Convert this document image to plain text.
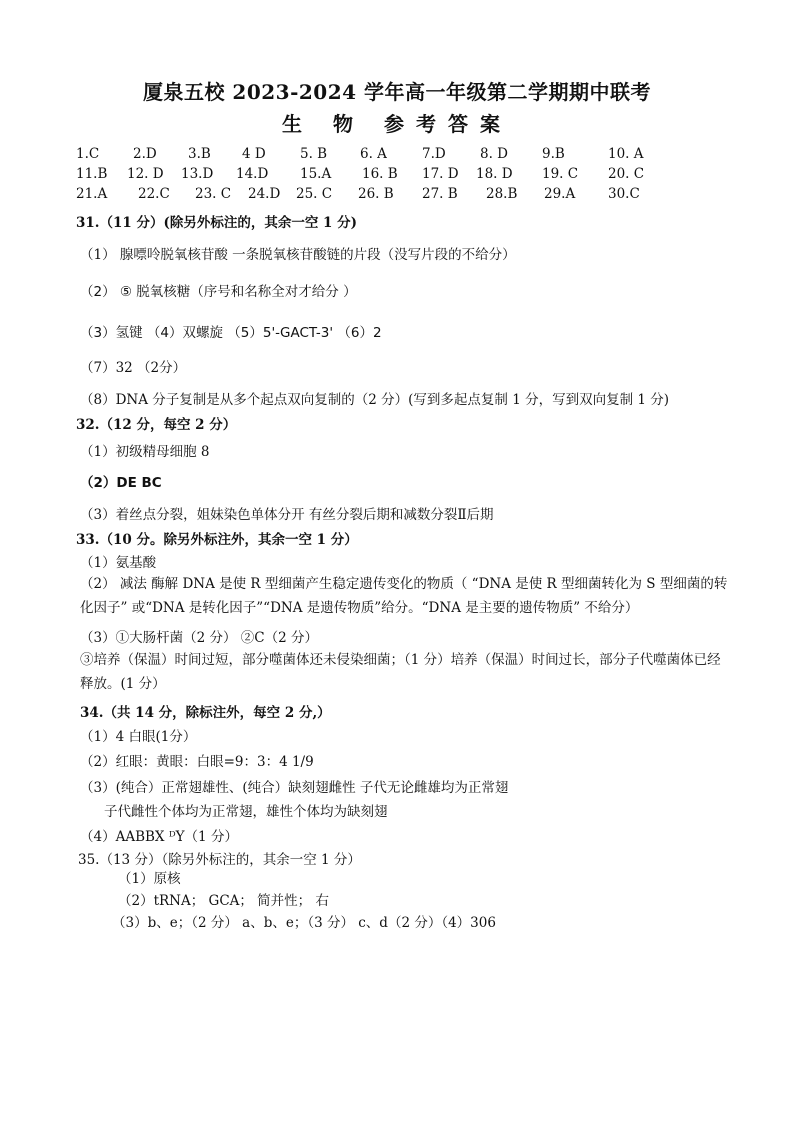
厦泉五校 2023-2024 学年高一年级第二学期期中联考
生 物 参考答案
1.C	2.D 3.B 4 D	5. B 6. A	7.D	8. D	9.B	10. A
11.B 12. D 13.D 14.D 15.A 16. B 17. D 18. D 19. C 20. C
21.A 22.C 23. C 24.D 25. C 26. B 27. B 28.B 29.A 30.C
31.（11 分）(除另外标注的，其余一空 1 分)
（1） 腺嘌呤脱氧核苷酸 一条脱氧核苷酸链的片段（没写片段的不给分）
（2） ⑤ 脱氧核糖（序号和名称全对才给分 ）
（3）氢键 （4）双螺旋 （5）5'-GACT-3' （6）2
（7）32 （2分）
（8）DNA 分子复制是从多个起点双向复制的（2 分）(写到多起点复制 1 分，写到双向复制 1 分)
32.（12 分，每空 2 分）
（1）初级精母细胞 8
（2）DE BC
（3）着丝点分裂，姐妹染色单体分开 有丝分裂后期和减数分裂Ⅱ后期
33.（10 分。除另外标注外，其余一空 1 分）
（1）氨基酸
（2） 减法 酶解 DNA 是使 R 型细菌产生稳定遗传变化的物质（ “DNA 是使 R 型细菌转化为 S 型细菌的转化因子” 或“DNA 是转化因子”“DNA 是遗传物质”给分。“DNA 是主要的遗传物质” 不给分）
（3）①大肠杆菌（2 分） ②C（2 分）
③培养（保温）时间过短，部分噬菌体还未侵染细菌；（1 分）培养（保温）时间过长，部分子代噬菌体已经释放。(1 分）
34.（共 14 分，除标注外，每空 2 分,）
（1）4 白眼(1分）
（2）红眼：黄眼：白眼=9：3：4 1/9
（3）(纯合）正常翅雄性、(纯合）缺刻翅雌性 子代无论雌雄均为正常翅
子代雌性个体均为正常翅，雄性个体均为缺刻翅
（4）AABBX ᴰY（1 分）
35.（13 分）（除另外标注的，其余一空 1 分）
（1）原核
（2）tRNA； GCA； 简并性； 右
（3）b、e；（2 分） a、b、e；（3 分） c、d（2 分）（4）306
